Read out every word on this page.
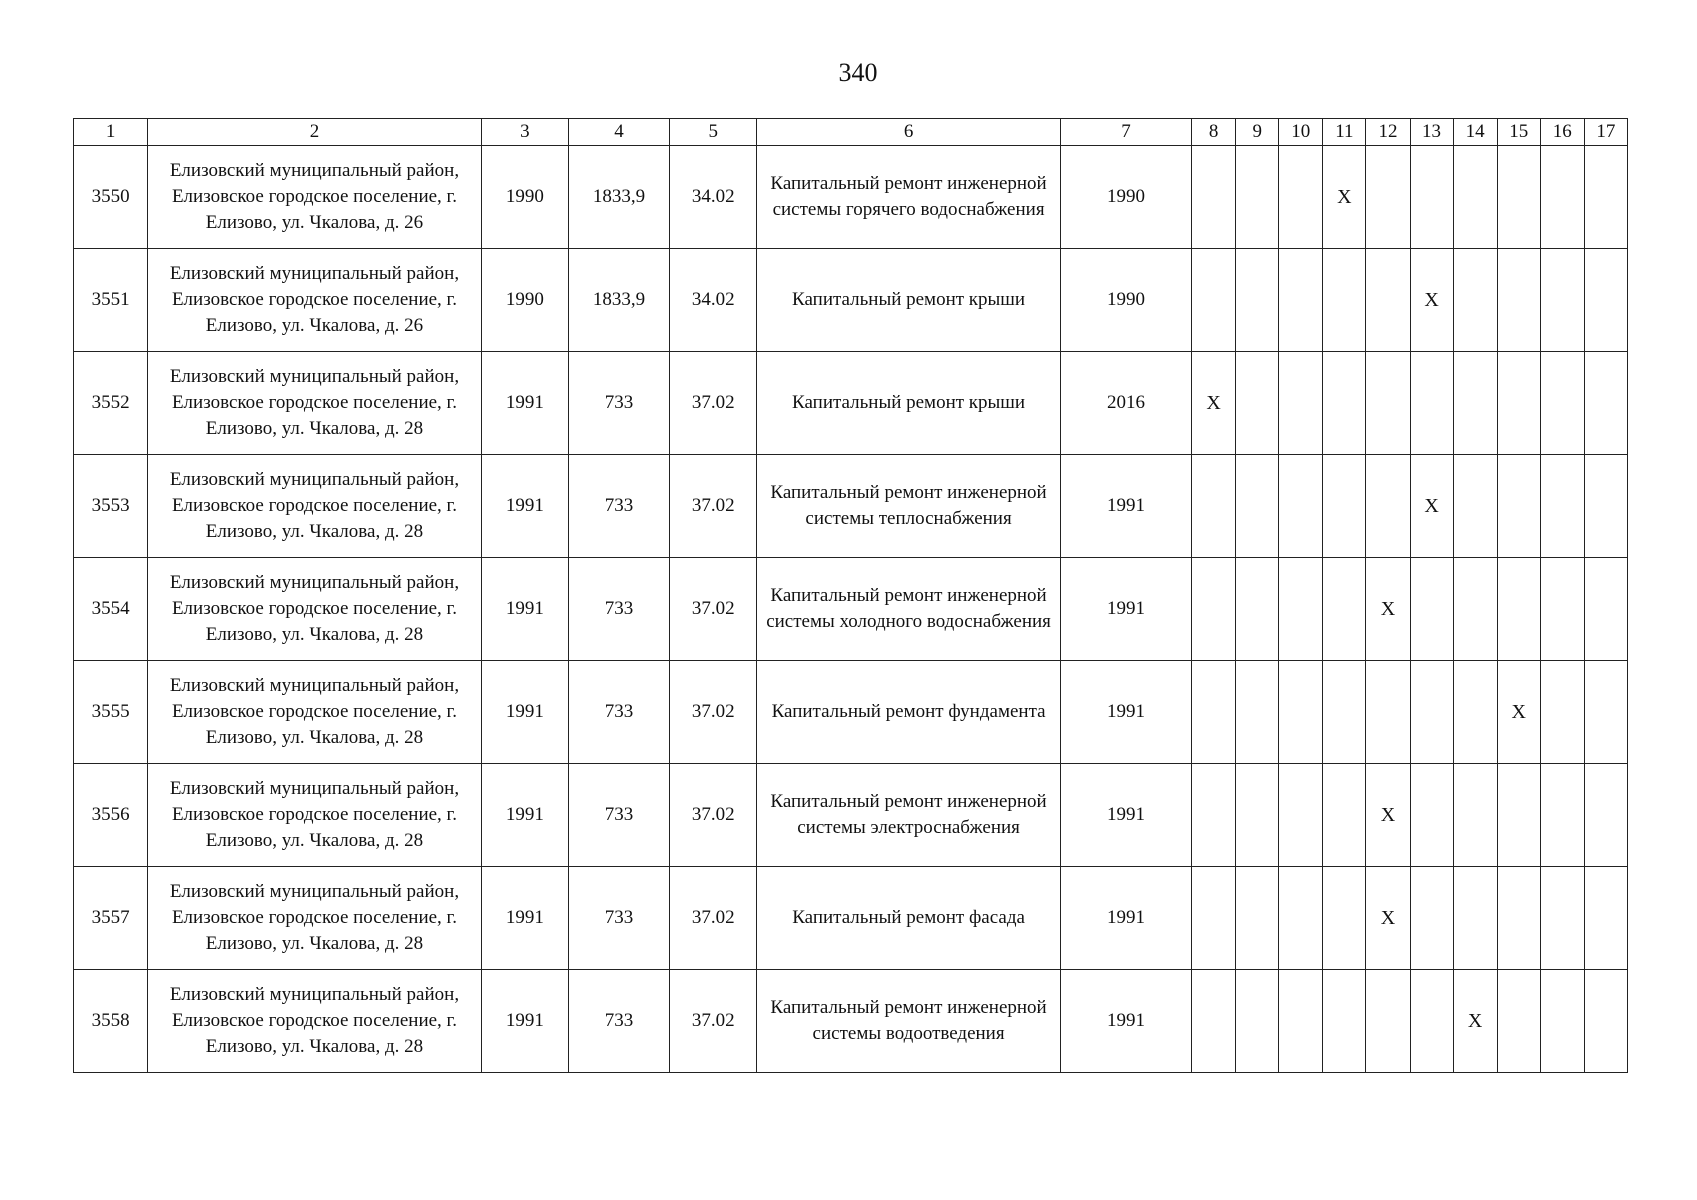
340
1	2	3	4	5	6	7	8	9	10	11	12	13	14	15	16	17
3550	Елизовский муниципальный район, Елизовское городское поселение, г. Елизово, ул. Чкалова, д. 26	1990	1833,9	34.02	Капитальный ремонт инженерной системы горячего водоснабжения	1990				X						
3551	Елизовский муниципальный район, Елизовское городское поселение, г. Елизово, ул. Чкалова, д. 26	1990	1833,9	34.02	Капитальный ремонт крыши	1990						X				
3552	Елизовский муниципальный район, Елизовское городское поселение, г. Елизово, ул. Чкалова, д. 28	1991	733	37.02	Капитальный ремонт крыши	2016	X									
3553	Елизовский муниципальный район, Елизовское городское поселение, г. Елизово, ул. Чкалова, д. 28	1991	733	37.02	Капитальный ремонт инженерной системы теплоснабжения	1991						X				
3554	Елизовский муниципальный район, Елизовское городское поселение, г. Елизово, ул. Чкалова, д. 28	1991	733	37.02	Капитальный ремонт инженерной системы холодного водоснабжения	1991					X					
3555	Елизовский муниципальный район, Елизовское городское поселение, г. Елизово, ул. Чкалова, д. 28	1991	733	37.02	Капитальный ремонт фундамента	1991								X		
3556	Елизовский муниципальный район, Елизовское городское поселение, г. Елизово, ул. Чкалова, д. 28	1991	733	37.02	Капитальный ремонт инженерной системы электроснабжения	1991					X					
3557	Елизовский муниципальный район, Елизовское городское поселение, г. Елизово, ул. Чкалова, д. 28	1991	733	37.02	Капитальный ремонт фасада	1991					X					
3558	Елизовский муниципальный район, Елизовское городское поселение, г. Елизово, ул. Чкалова, д. 28	1991	733	37.02	Капитальный ремонт инженерной системы водоотведения	1991							X			
